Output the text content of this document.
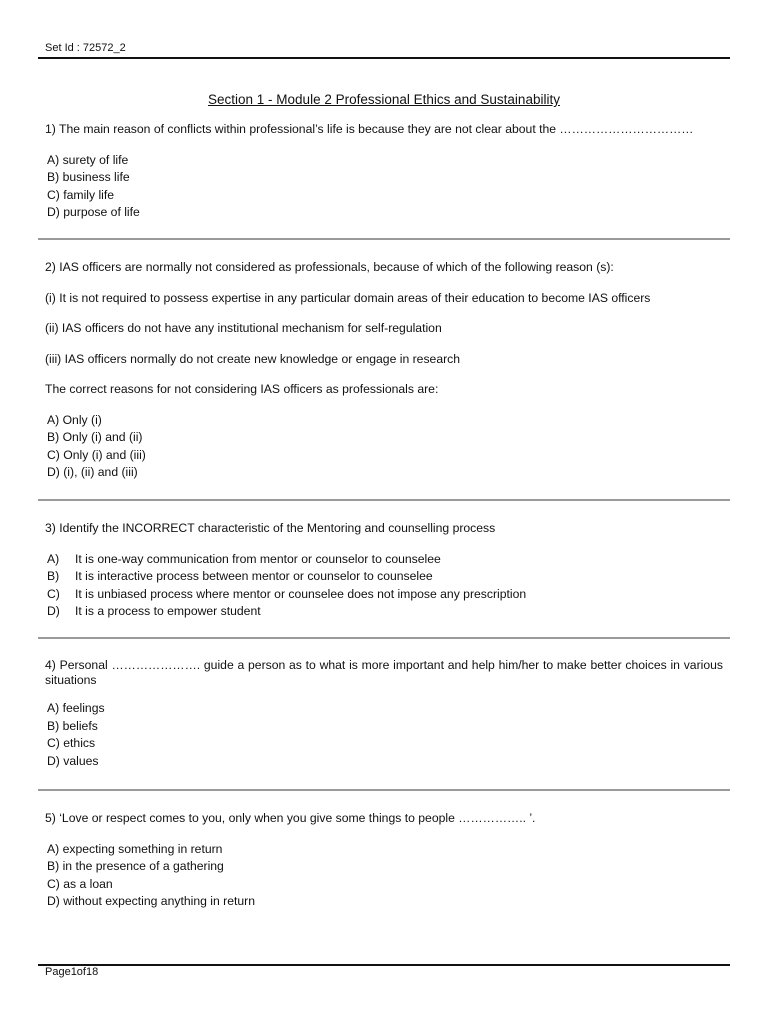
Set Id : 72572_2
Section 1 - Module 2 Professional Ethics and Sustainability

1) The main reason of conflicts within professional’s life is because they are not clear about the ……………………………

A) surety of life
B) business life
C) family life
D) purpose of life

2) IAS officers are normally not considered as professionals, because of which of the following reason (s):

(i) It is not required to possess expertise in any particular domain areas of their education to become IAS officers

(ii) IAS officers do not have any institutional mechanism for self-regulation

(iii) IAS officers normally do not create new knowledge or engage in research

The correct reasons for not considering IAS officers as professionals are:

A) Only (i)
B) Only (i) and (ii)
C) Only (i) and (iii)
D) (i), (ii) and (iii)

3) Identify the INCORRECT characteristic of the Mentoring and counselling process

A) It is one-way communication from mentor or counselor to counselee
B) It is interactive process between mentor or counselor to counselee
C) It is unbiased process where mentor or counselee does not impose any prescription
D) It is a process to empower student

4) Personal …………………. guide a person as to what is more important and help him/her to make better choices in various situations

A) feelings
B) beliefs
C) ethics
D) values

5) ‘Love or respect comes to you, only when you give some things to people …………….. ’.

A) expecting something in return
B) in the presence of a gathering
C) as a loan
D) without expecting anything in return
Page1of18
